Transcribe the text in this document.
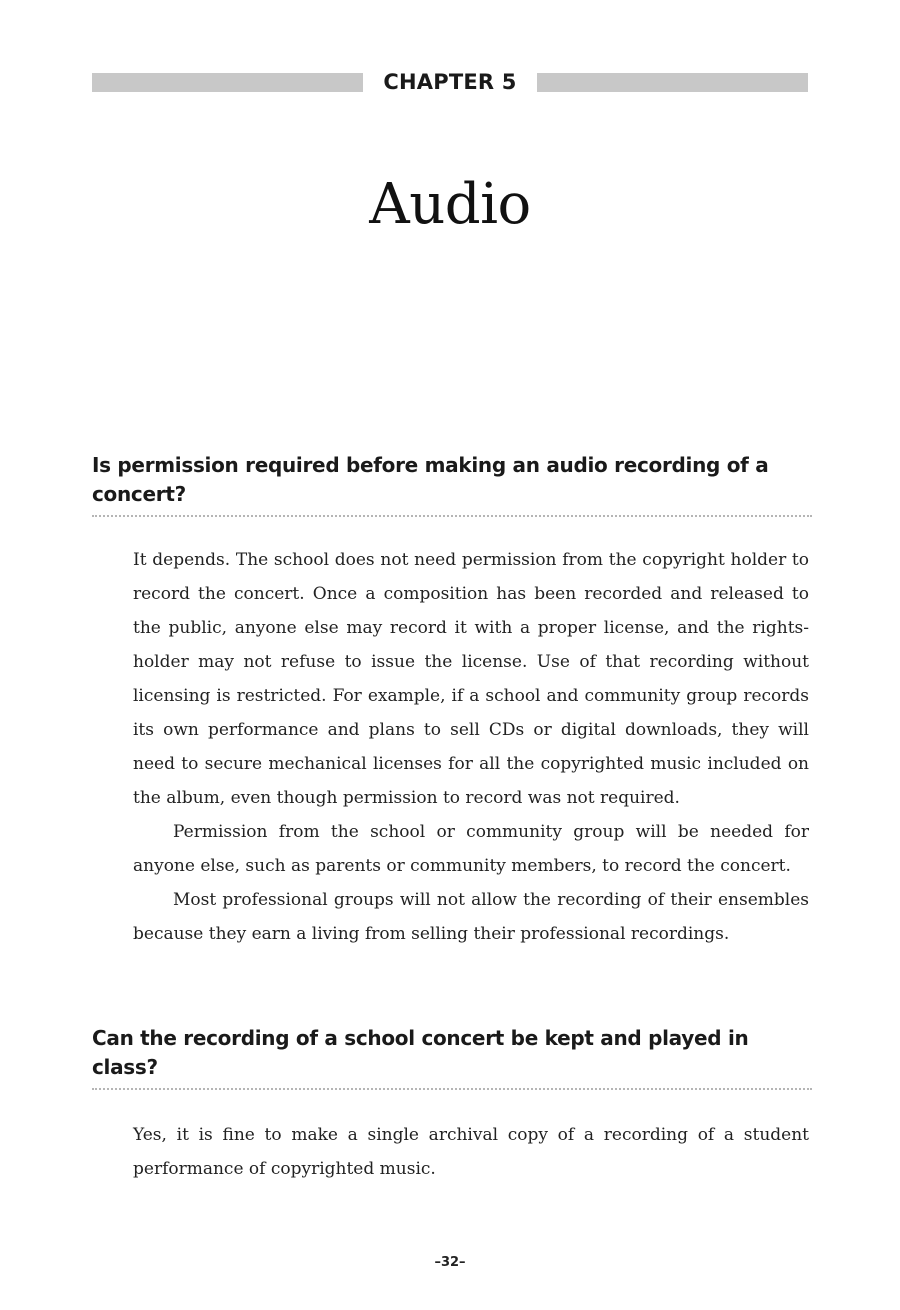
CHAPTER 5
Audio
Is permission required before making an audio recording of a concert?

It depends. The school does not need permission from the copyright holder to record the concert. Once a composition has been recorded and released to the public, anyone else may record it with a proper license, and the rights-holder may not refuse to issue the license. Use of that recording without licensing is restricted. For example, if a school and community group records its own performance and plans to sell CDs or digital downloads, they will need to secure mechanical licenses for all the copyrighted music included on the album, even though permission to record was not required.

Permission from the school or community group will be needed for anyone else, such as parents or community members, to record the concert.

Most professional groups will not allow the recording of their ensembles because they earn a living from selling their professional recordings.

Can the recording of a school concert be kept and played in class?

Yes, it is fine to make a single archival copy of a recording of a student performance of copyrighted music.

–32–
